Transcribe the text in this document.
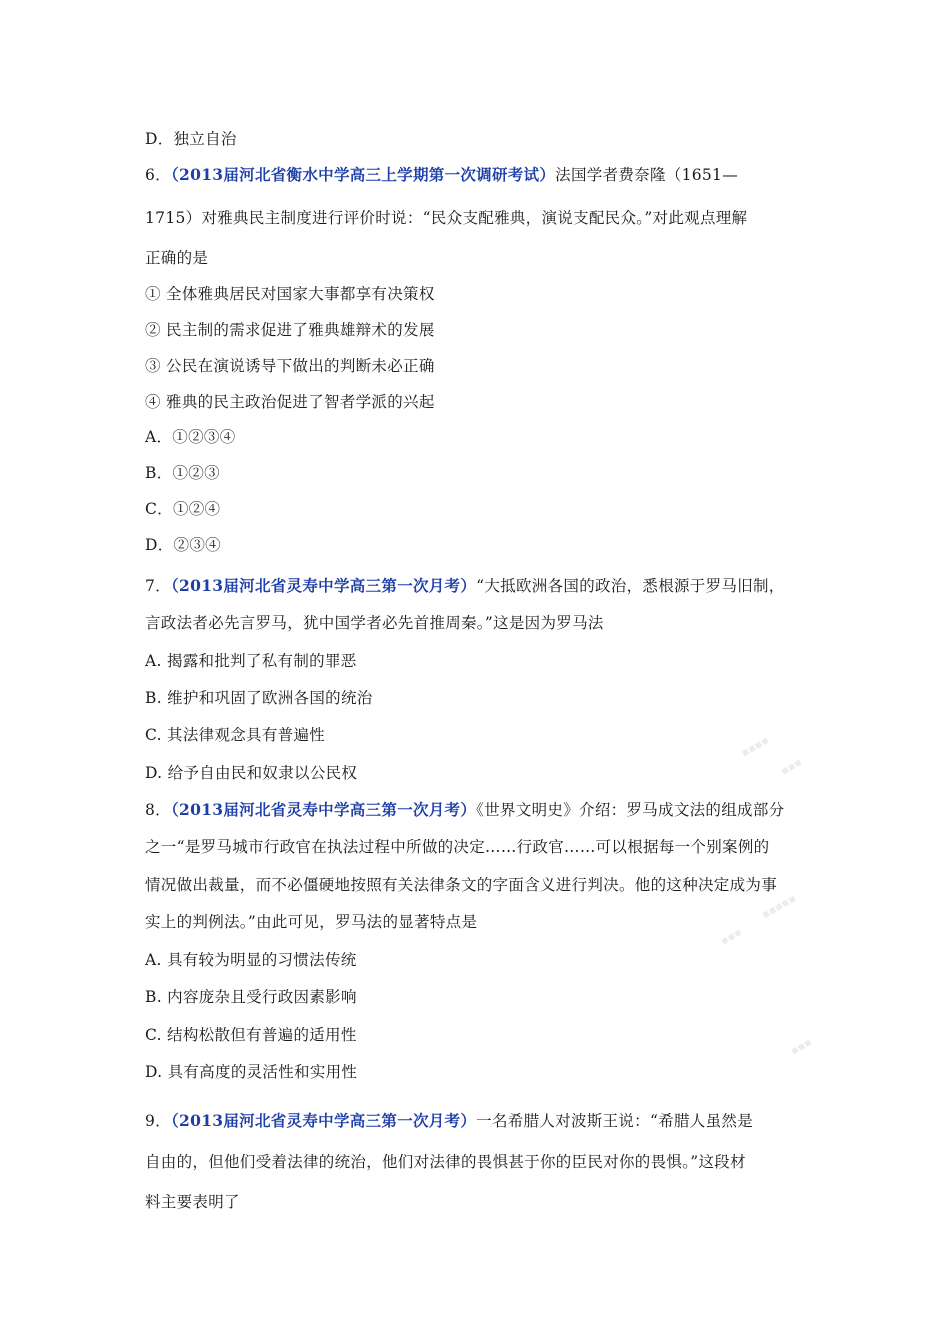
D．独立自治
6．（2013届河北省衡水中学高三上学期第一次调研考试）法国学者费奈隆（1651—
1715）对雅典民主制度进行评价时说：“民众支配雅典，演说支配民众。”对此观点理解
正确的是
① 全体雅典居民对国家大事都享有决策权
② 民主制的需求促进了雅典雄辩术的发展
③ 公民在演说诱导下做出的判断未必正确
④ 雅典的民主政治促进了智者学派的兴起
A．①②③④
B．①②③
C．①②④
D．②③④
7．（2013届河北省灵寿中学高三第一次月考）“大抵欧洲各国的政治，悉根源于罗马旧制，
言政法者必先言罗马，犹中国学者必先首推周秦。”这是因为罗马法
A. 揭露和批判了私有制的罪恶
B. 维护和巩固了欧洲各国的统治
C. 其法律观念具有普遍性
D. 给予自由民和奴隶以公民权
8．（2013届河北省灵寿中学高三第一次月考）《世界文明史》介绍：罗马成文法的组成部分
之一“是罗马城市行政官在执法过程中所做的决定……行政官……可以根据每一个别案例的
情况做出裁量，而不必僵硬地按照有关法律条文的字面含义进行判决。他的这种决定成为事
实上的判例法。”由此可见，罗马法的显著特点是
A. 具有较为明显的习惯法传统
B. 内容庞杂且受行政因素影响
C. 结构松散但有普遍的适用性
D. 具有高度的灵活性和实用性
9．（2013届河北省灵寿中学高三第一次月考）一名希腊人对波斯王说：“希腊人虽然是
自由的，但他们受着法律的统治，他们对法律的畏惧甚于你的臣民对你的畏惧。”这段材
料主要表明了
▪▪▪▪
▪▪▪
▪▪▪▪▪
▪▪▪
▪▪▪
